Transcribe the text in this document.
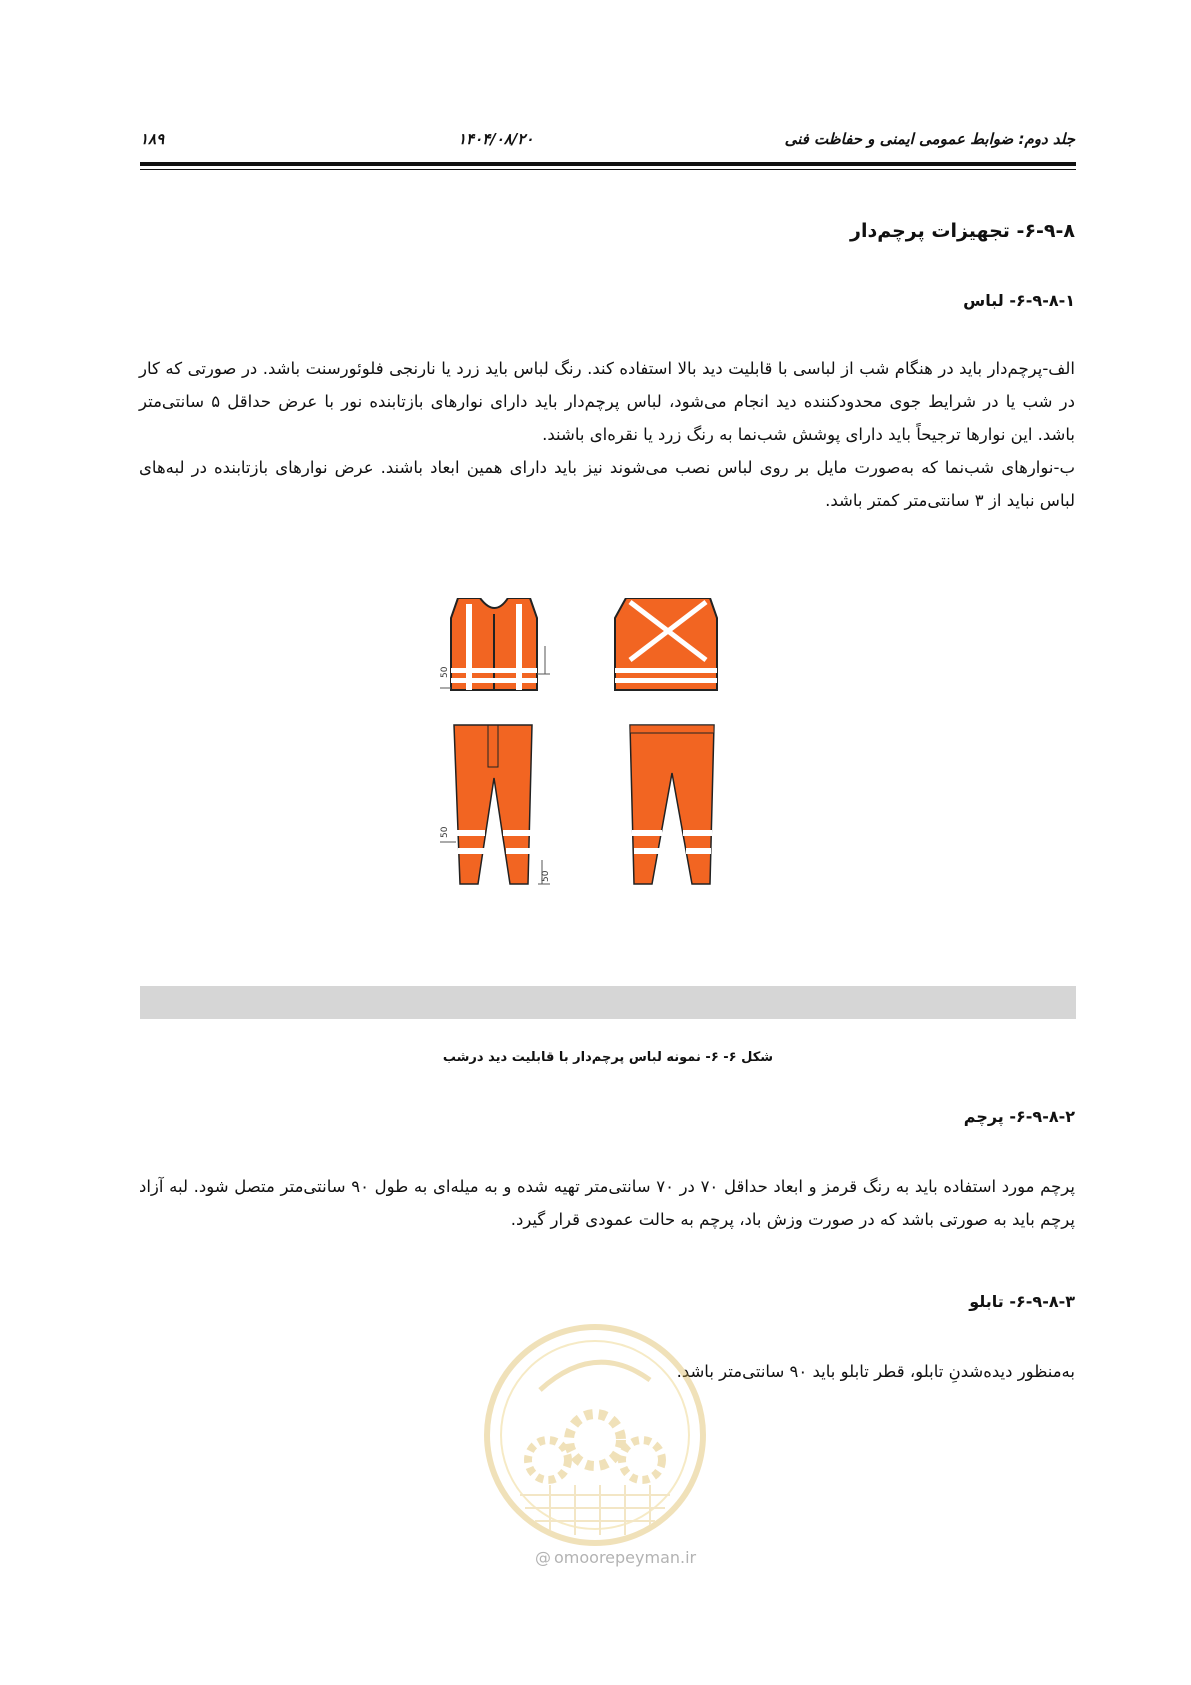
جلد دوم: ضوابط عمومی ایمنی و حفاظت فنی
۱۴۰۴/۰۸/۲۰
۱۸۹
۶-۹-۸- تجهیزات پرچم‌دار
۶-۹-۸-۱- لباس
الف-پرچم‌دار باید در هنگام شب از لباسی با قابلیت دید بالا استفاده کند. رنگ لباس باید زرد یا نارنجی فلوئورسنت باشد. در صورتی که کار در شب یا در شرایط جوی محدودکننده دید انجام می‌شود، لباس پرچم‌دار باید دارای نوارهای بازتابنده نور با عرض حداقل ۵ سانتی‌متر باشد. این نوارها ترجیحاً باید دارای پوشش شب‌نما به رنگ زرد یا نقره‌ای باشند.
ب-نوارهای شب‌نما که به‌صورت مایل بر روی لباس نصب می‌شوند نیز باید دارای همین ابعاد باشند. عرض نوارهای بازتابنده در لبه‌های لباس نباید از ۳ سانتی‌متر کمتر باشد.
50
50
50
شکل ۶- ۶- نمونه لباس پرچم‌دار با قابلیت دید درشب
۶-۹-۸-۲- پرچم
پرچم مورد استفاده باید به رنگ قرمز و ابعاد حداقل ۷۰ در ۷۰ سانتی‌متر تهیه شده و به میله‌ای به طول ۹۰ سانتی‌متر متصل شود. لبه آزاد پرچم باید به صورتی باشد که در صورت وزش باد، پرچم به حالت عمودی قرار گیرد.
۶-۹-۸-۳- تابلو
به‌منظور دیده‌شدنِ تابلو، قطر تابلو باید ۹۰ سانتی‌متر باشد.
@ omoorepeyman.ir
